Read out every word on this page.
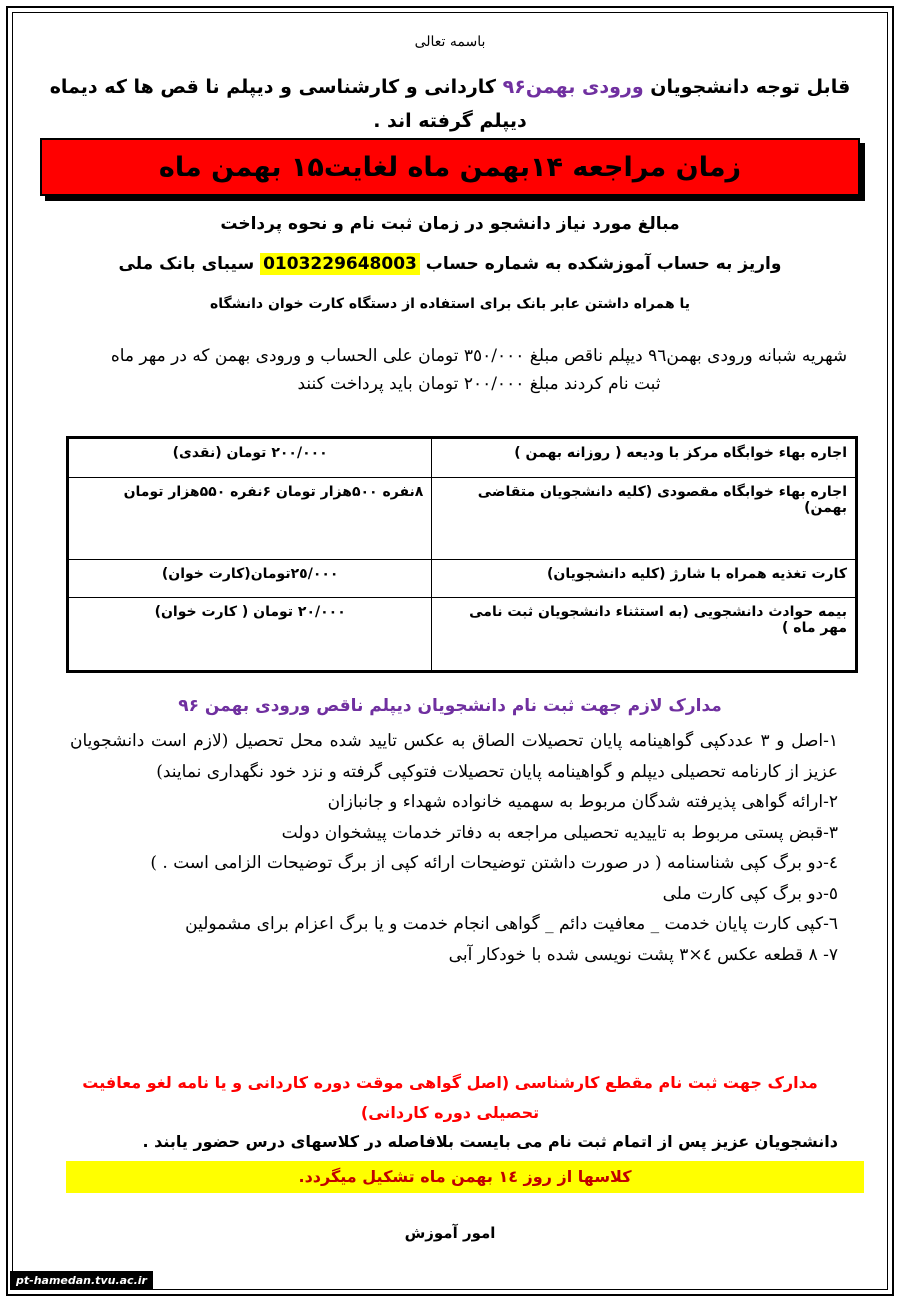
باسمه تعالی
قابل توجه دانشجویان ورودی بهمن۹۶ کاردانی و کارشناسی و دیپلم نا قص ها که دیماه دیپلم گرفته اند .
زمان مراجعه ۱۴بهمن ماه لغایت۱۵ بهمن ماه
مبالغ مورد نیاز دانشجو در زمان ثبت نام و نحوه پرداخت
واریز به حساب آموزشکده به شماره حساب 0103229648003 سیبای بانک ملی
یا همراه داشتن عابر بانک برای استفاده از دستگاه کارت خوان دانشگاه
شهریه شبانه ورودی بهمن۹٦ دیپلم ناقص مبلغ ٣٥٠/٠٠٠ تومان علی الحساب و ورودی بهمن که در مهر ماه ثبت نام کردند مبلغ ٢٠٠/٠٠٠ تومان باید پرداخت کنند
اجاره بهاء خوابگاه مرکز با ودیعه ( روزانه بهمن )	٢٠٠/٠٠٠ تومان (نقدی)
اجاره بهاء خوابگاه مقصودی (کلیه دانشجویان متقاضی بهمن)	۸نفره ۵۰۰هزار تومان ۶نفره ۵۵۰هزار تومان
کارت تغذیه همراه با شارژ (کلیه دانشجویان)	٢٥/٠٠٠تومان(کارت خوان)
بیمه حوادث دانشجویی (به استثناء دانشجویان ثبت نامی مهر ماه )	٢٠/٠٠٠ تومان ( کارت خوان)
مدارک لازم جهت ثبت نام دانشجویان دیپلم ناقص ورودی بهمن ۹۶

١-اصل و ٣ عددکپی گواهینامه پایان تحصیلات الصاق به عکس تایید شده محل تحصیل (لازم است دانشجویان عزیز از کارنامه تحصیلی دیپلم و گواهینامه پایان تحصیلات فتوکپی گرفته و نزد خود نگهداری نمایند)

٢-ارائه گواهی پذیرفته شدگان مربوط به سهمیه خانواده شهداء و جانبازان

٣-قبض پستی مربوط به تاییدیه تحصیلی مراجعه به دفاتر خدمات پیشخوان دولت

٤-دو برگ کپی شناسنامه ( در صورت داشتن توضیحات ارائه کپی از برگ توضیحات الزامی است . )

٥-دو برگ کپی کارت ملی

٦-کپی کارت پایان خدمت _ معافیت دائم _ گواهی انجام خدمت و یا برگ اعزام برای مشمولین

٧- ٨ قطعه عکس ٤×٣ پشت نویسی شده با خودکار آبی

مدارک جهت ثبت نام مقطع کارشناسی (اصل گواهی موقت دوره کاردانی و یا نامه لغو معافیت تحصیلی دوره کاردانی)
دانشجویان عزیز پس از اتمام ثبت نام می بایست بلافاصله در کلاسهای درس حضور یابند .
کلاسها از روز ١٤ بهمن ماه تشکیل میگردد.
امور آموزش
pt-hamedan.tvu.ac.ir
